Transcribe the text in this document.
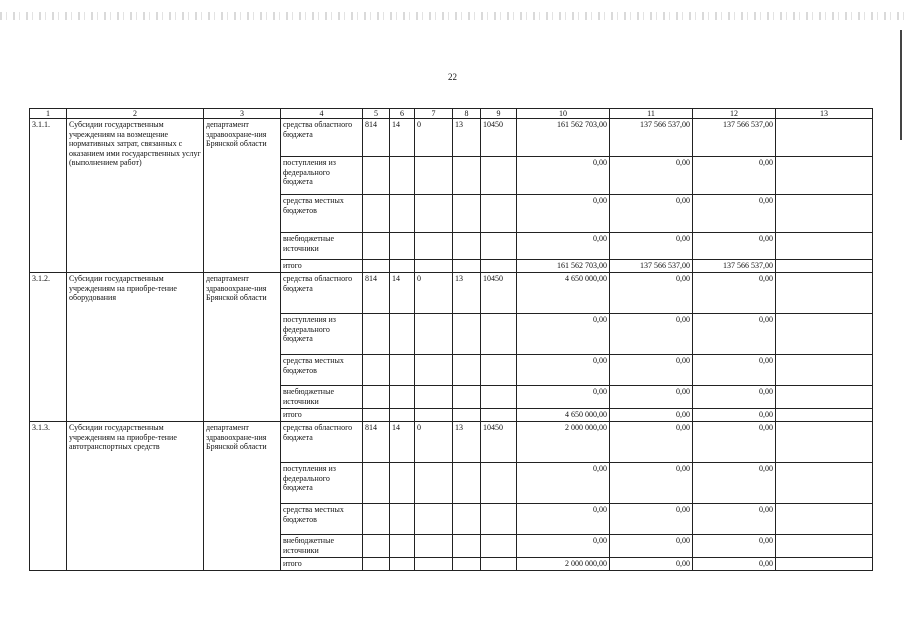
22
1	2	3	4	5	6	7	8	9	10	11	12	13
3.1.1.	Субсидии государственным учреждениям на возмещение нормативных затрат, связанных с оказанием ими государственных услуг (выполнением работ)	департамент здравоохране-ния Брянской области	средства областного бюджета	814	14	0	13	10450	161 562 703,00	137 566 537,00	137 566 537,00	
			поступления из федерального бюджета						0,00	0,00	0,00	
			средства местных бюджетов						0,00	0,00	0,00	
			внебюджетные источники						0,00	0,00	0,00	
			итого						161 562 703,00	137 566 537,00	137 566 537,00	
3.1.2.	Субсидии государственным учреждениям на приобре-тение оборудования	департамент здравоохране-ния Брянской области	средства областного бюджета	814	14	0	13	10450	4 650 000,00	0,00	0,00	
			поступления из федерального бюджета						0,00	0,00	0,00	
			средства местных бюджетов						0,00	0,00	0,00	
			внебюджетные источники						0,00	0,00	0,00	
			итого						4 650 000,00	0,00	0,00	
3.1.3.	Субсидии государственным учреждениям на приобре-тение автотранспортных средств	департамент здравоохране-ния Брянской области	средства областного бюджета	814	14	0	13	10450	2 000 000,00	0,00	0,00	
			поступления из федерального бюджета						0,00	0,00	0,00	
			средства местных бюджетов						0,00	0,00	0,00	
			внебюджетные источники						0,00	0,00	0,00	
			итого						2 000 000,00	0,00	0,00	
